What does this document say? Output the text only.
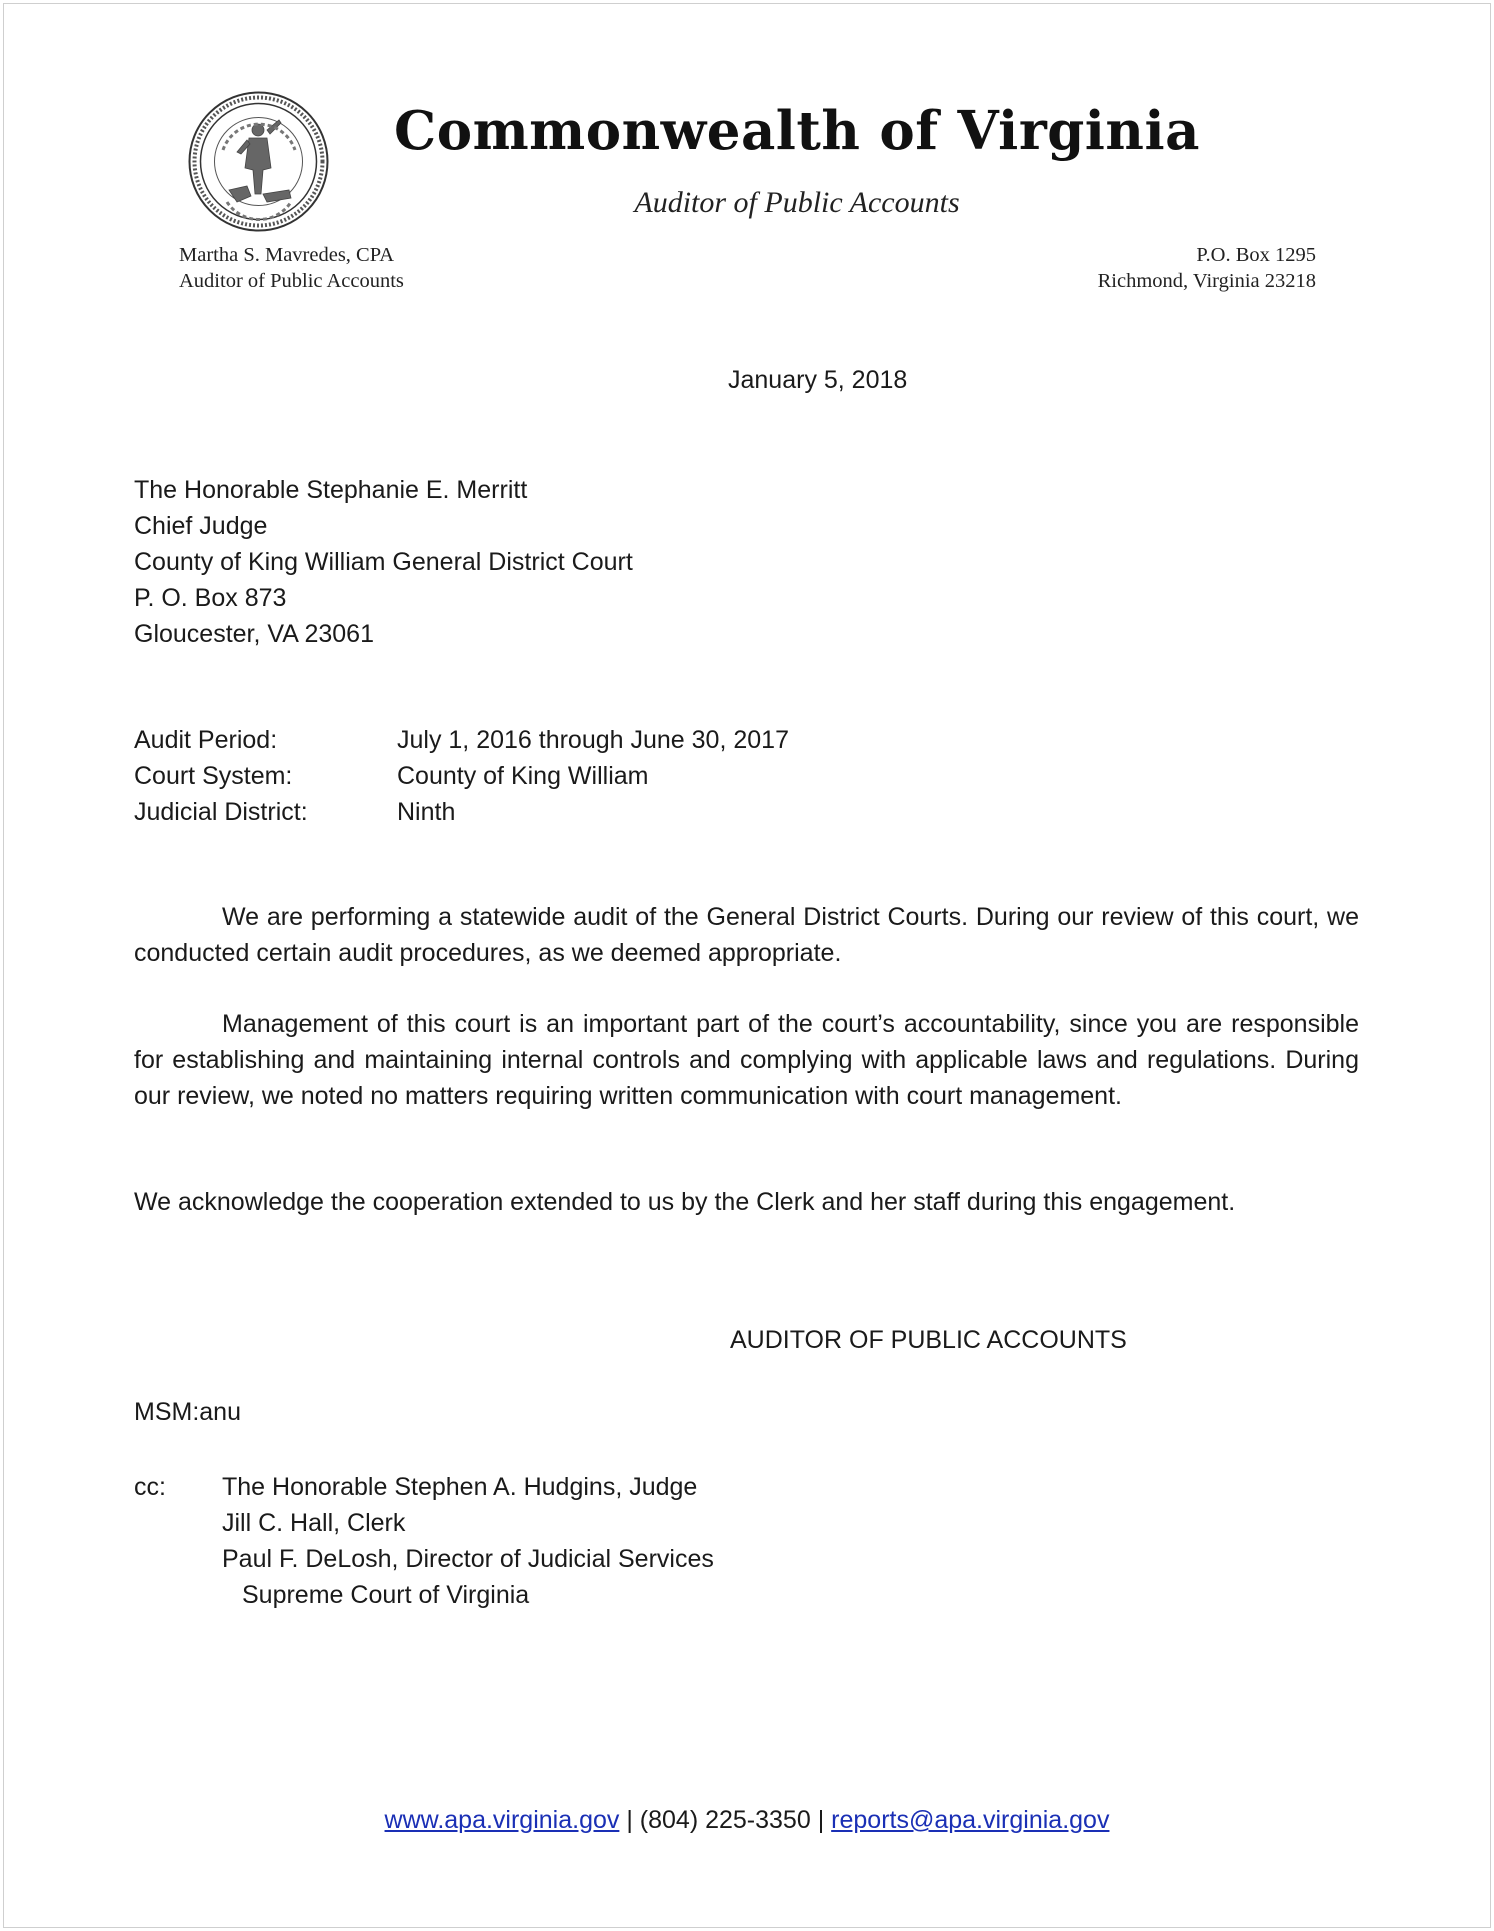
Commonwealth of Virginia
Auditor of Public Accounts
Martha S. Mavredes, CPA
Auditor of Public Accounts
P.O. Box 1295
Richmond, Virginia 23218
January 5, 2018
The Honorable Stephanie E. Merritt
Chief Judge
County of King William General District Court
P. O. Box 873
Gloucester, VA 23061
Audit Period:	July 1, 2016 through June 30, 2017
Court System:	County of King William
Judicial District:	Ninth
We are performing a statewide audit of the General District Courts. During our review of this court, we conducted certain audit procedures, as we deemed appropriate.
Management of this court is an important part of the court’s accountability, since you are responsible for establishing and maintaining internal controls and complying with applicable laws and regulations. During our review, we noted no matters requiring written communication with court management.
We acknowledge the cooperation extended to us by the Clerk and her staff during this engagement.
AUDITOR OF PUBLIC ACCOUNTS
MSM:anu
cc:	The Honorable Stephen A. Hudgins, Judge
Jill C. Hall, Clerk
Paul F. DeLosh, Director of Judicial Services
Supreme Court of Virginia
www.apa.virginia.gov | (804) 225-3350 | reports@apa.virginia.gov
